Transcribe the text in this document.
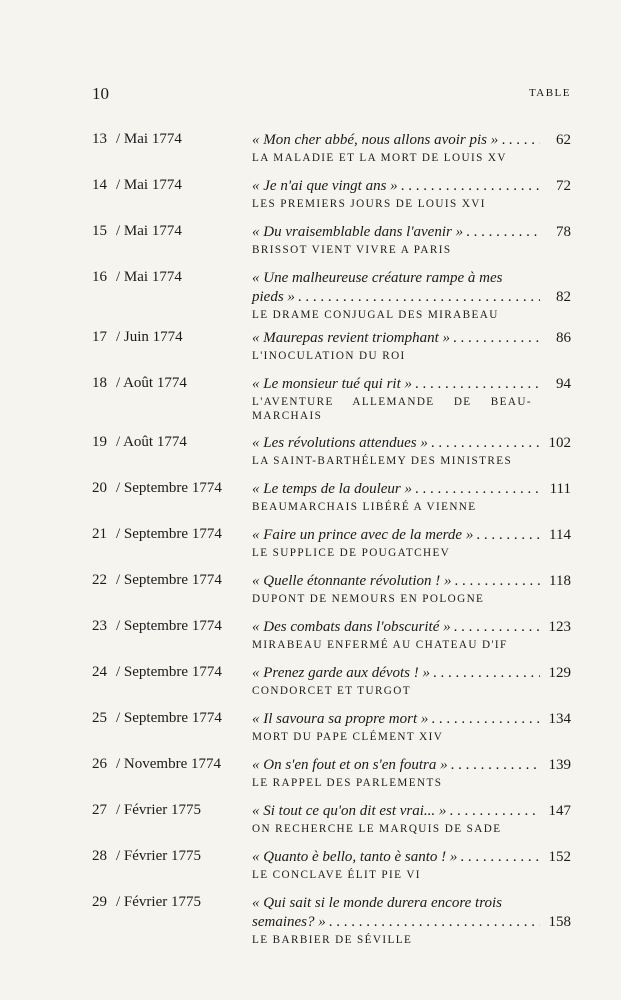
10	TABLE
13 / Mai 1774	« Mon cher abbé, nous allons avoir pis » . . . .	62
LA MALADIE ET LA MORT DE LOUIS XV
14 / Mai 1774	« Je n'ai que vingt ans » . . .	72
LES PREMIERS JOURS DE LOUIS XVI
15 / Mai 1774	« Du vraisemblable dans l'avenir » . . .	78
BRISSOT VIENT VIVRE A PARIS
16 / Mai 1774	« Une malheureuse créature rampe à mes
pieds » . . .	82
LE DRAME CONJUGAL DES MIRABEAU
17 / Juin 1774	« Maurepas revient triomphant » . . .	86
L'INOCULATION DU ROI
18 / Août 1774	« Le monsieur tué qui rit » . . .	94
L'AVENTURE ALLEMANDE DE BEAU-MARCHAIS
19 / Août 1774	« Les révolutions attendues » . . .	102
LA SAINT-BARTHÉLEMY DES MINISTRES
20 / Septembre 1774 « Le temps de la douleur » . . .	111
BEAUMARCHAIS LIBÉRÉ A VIENNE
21 / Septembre 1774 « Faire un prince avec de la merde » . . .	114
LE SUPPLICE DE POUGATCHEV
22 / Septembre 1774 « Quelle étonnante révolution ! » . . .	118
DUPONT DE NEMOURS EN POLOGNE
23 / Septembre 1774 « Des combats dans l'obscurité » . . .	123
MIRABEAU ENFERMÉ AU CHATEAU D'IF
24 / Septembre 1774 « Prenez garde aux dévots ! » . . .	129
CONDORCET ET TURGOT
25 / Septembre 1774 « Il savoura sa propre mort » . . .	134
MORT DU PAPE CLÉMENT XIV
26 / Novembre 1774 « On s'en fout et on s'en foutra » . . .	139
LE RAPPEL DES PARLEMENTS
27 / Février 1775	« Si tout ce qu'on dit est vrai... » . . .	147
ON RECHERCHE LE MARQUIS DE SADE
28 / Février 1775	« Quanto è bello, tanto è santo ! » . . .	152
LE CONCLAVE ÉLIT PIE VI
29 / Février 1775	« Qui sait si le monde durera encore trois
semaines? » . . .	158
LE BARBIER DE SÉVILLE
